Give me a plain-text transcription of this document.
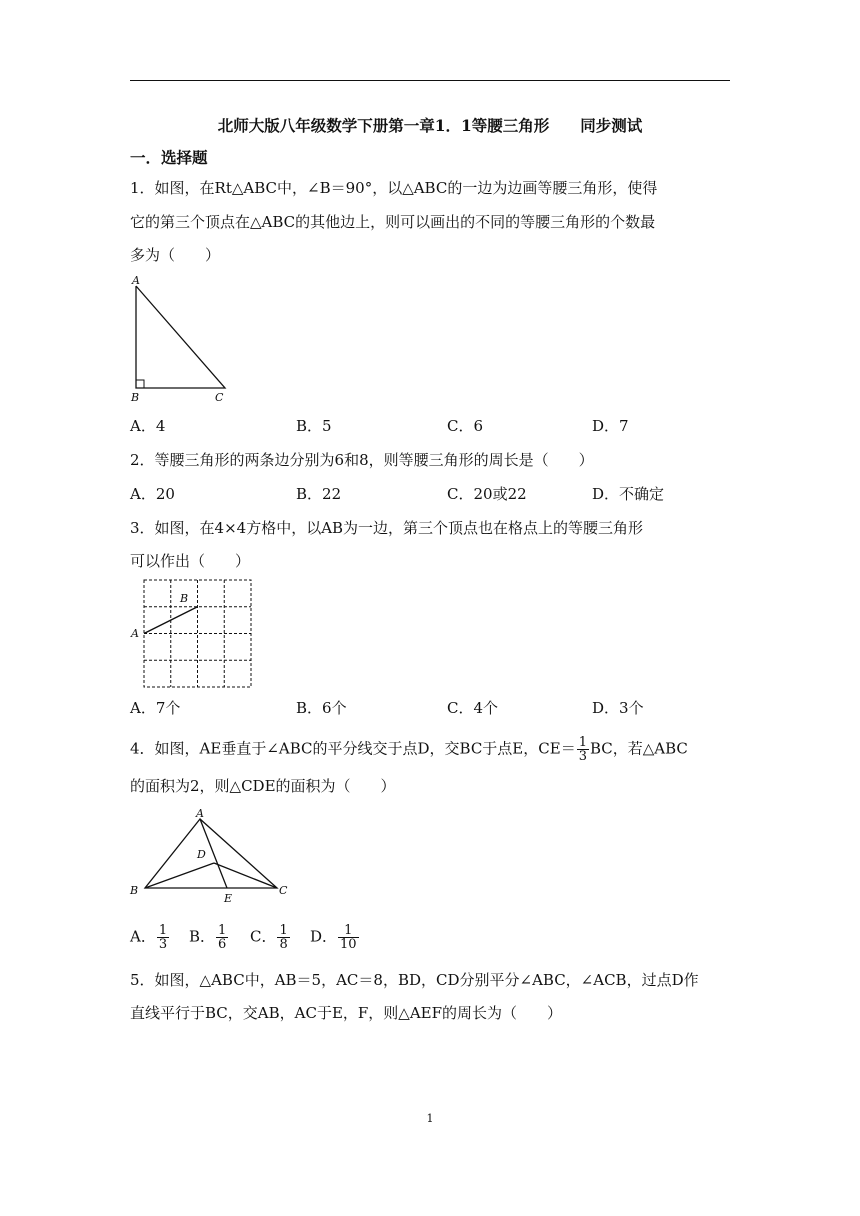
北师大版八年级数学下册第一章1．1等腰三角形　　同步测试
一．选择题
1．如图，在Rt△ABC中，∠B＝90°，以△ABC的一边为边画等腰三角形，使得
它的第三个顶点在△ABC的其他边上，则可以画出的不同的等腰三角形的个数最
多为（　　）
A
B	C
A．4	B．5	C．6	D．7
2．等腰三角形的两条边分别为6和8，则等腰三角形的周长是（　　）
A．20	B．22	C．20或22	D．不确定
3．如图，在4×4方格中，以AB为一边，第三个顶点也在格点上的等腰三角形
可以作出（　　）
A
B
A．7个	B．6个	C．4个	D．3个
4．如图，AE垂直于∠ABC的平分线交于点D，交BC于点E，$CE= \frac{1}{3}$ BC，若△ABC
的面积为2，则△CDE的面积为（　　）
A
B	C
D
E
A． $\frac{1}{3}$ B． $\frac{1}{6}$ C． $\frac{1}{8}$ D． $\frac{1}{10}$
5．如图，△ABC中，AB＝5，AC＝8，BD，CD分别平分∠ABC，∠ACB，过点D作
直线平行于BC，交AB，AC于E，F，则△AEF的周长为（　　）
1
